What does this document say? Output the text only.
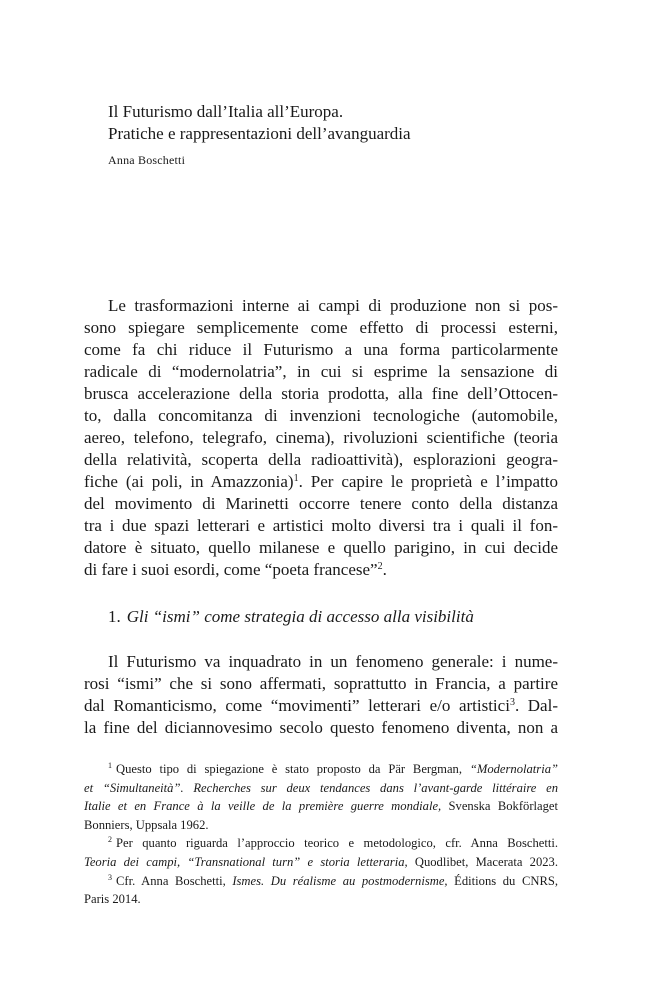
Il Futurismo dall’Italia all’Europa.
Pratiche e rappresentazioni dell’avanguardia
Anna Boschetti
Le trasformazioni interne ai campi di produzione non si pos-
sono spiegare semplicemente come effetto di processi esterni,
come fa chi riduce il Futurismo a una forma particolarmente
radicale di “modernolatria”, in cui si esprime la sensazione di
brusca accelerazione della storia prodotta, alla fine dell’Ottocen-
to, dalla concomitanza di invenzioni tecnologiche (automobile,
aereo, telefono, telegrafo, cinema), rivoluzioni scientifiche (teoria
della relatività, scoperta della radioattività), esplorazioni geogra-
fiche (ai poli, in Amazzonia)$^1$. Per capire le proprietà e l’impatto
del movimento di Marinetti occorre tenere conto della distanza
tra i due spazi letterari e artistici molto diversi tra i quali il fon-
datore è situato, quello milanese e quello parigino, in cui decide
di fare i suoi esordi, come “poeta francese”$^2$.
1. Gli “ismi” come strategia di accesso alla visibilità
Il Futurismo va inquadrato in un fenomeno generale: i nume-
rosi “ismi” che si sono affermati, soprattutto in Francia, a partire
dal Romanticismo, come “movimenti” letterari e/o artistici$^3$. Dal-
la fine del diciannovesimo secolo questo fenomeno diventa, non a
$^1$ Questo tipo di spiegazione è stato proposto da Pär Bergman, “Modernolatria”
et “Simultaneità”. Recherches sur deux tendances dans l’avant-garde littéraire en
Italie et en France à la veille de la première guerre mondiale, Svenska Bokförlaget
Bonniers, Uppsala 1962.
$^2$ Per quanto riguarda l’approccio teorico e metodologico, cfr. Anna Boschetti.
Teoria dei campi, “Transnational turn” e storia letteraria, Quodlibet, Macerata 2023.
$^3$ Cfr. Anna Boschetti, Ismes. Du réalisme au postmodernisme, Éditions du CNRS,
Paris 2014.
